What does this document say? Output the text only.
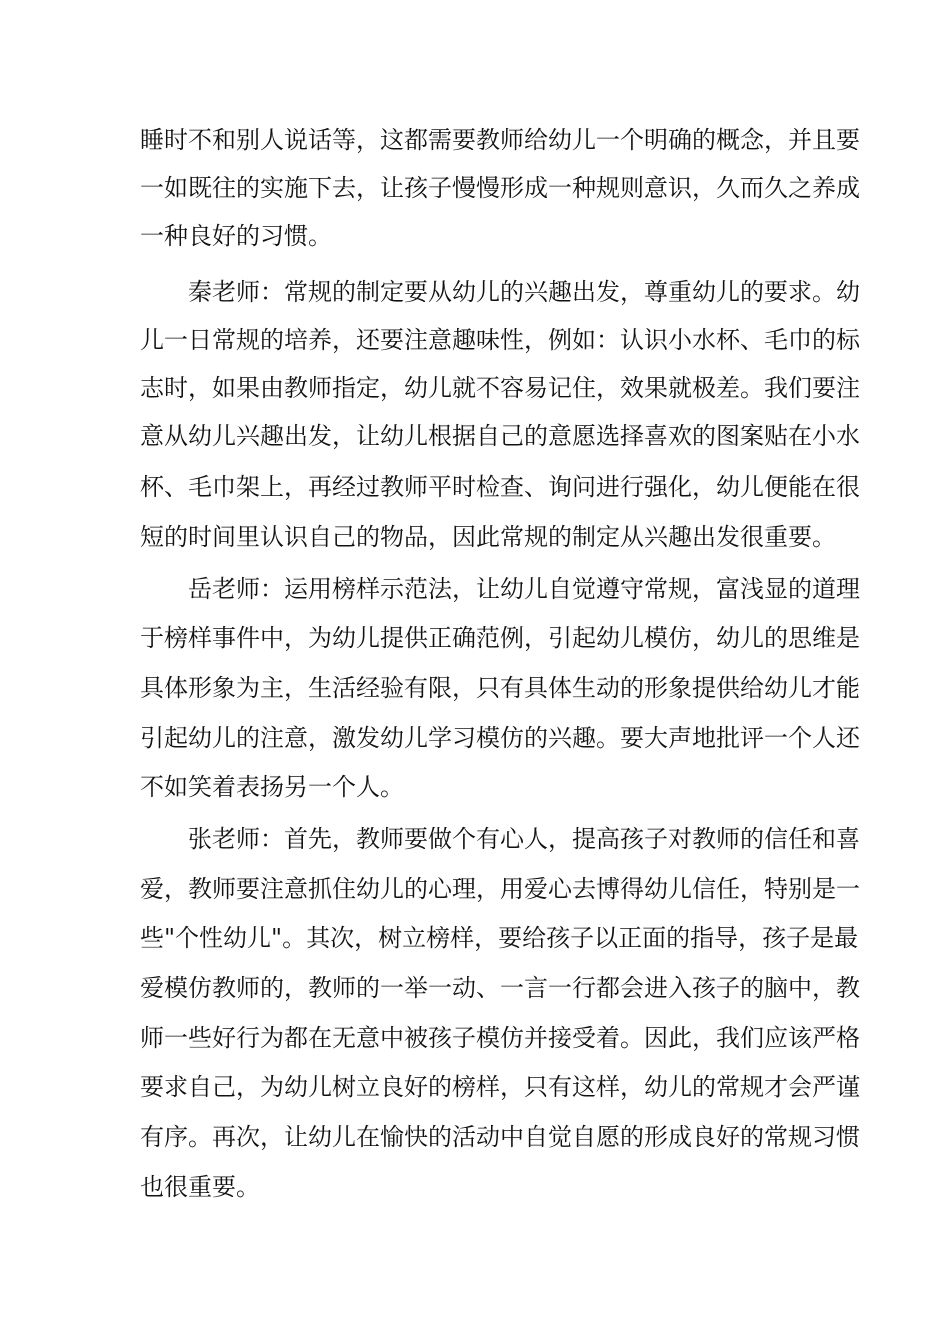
睡时不和别人说话等，这都需要教师给幼儿一个明确的概念，并且要
一如既往的实施下去，让孩子慢慢形成一种规则意识，久而久之养成
一种良好的习惯。
秦老师：常规的制定要从幼儿的兴趣出发，尊重幼儿的要求。幼
儿一日常规的培养，还要注意趣味性，例如：认识小水杯、毛巾的标
志时，如果由教师指定，幼儿就不容易记住，效果就极差。我们要注
意从幼儿兴趣出发，让幼儿根据自己的意愿选择喜欢的图案贴在小水
杯、毛巾架上，再经过教师平时检查、询问进行强化，幼儿便能在很
短的时间里认识自己的物品，因此常规的制定从兴趣出发很重要。
岳老师：运用榜样示范法，让幼儿自觉遵守常规，富浅显的道理
于榜样事件中，为幼儿提供正确范例，引起幼儿模仿，幼儿的思维是
具体形象为主，生活经验有限，只有具体生动的形象提供给幼儿才能
引起幼儿的注意，激发幼儿学习模仿的兴趣。要大声地批评一个人还
不如笑着表扬另一个人。
张老师：首先，教师要做个有心人，提高孩子对教师的信任和喜
爱，教师要注意抓住幼儿的心理，用爱心去博得幼儿信任，特别是一
些"个性幼儿"。其次，树立榜样，要给孩子以正面的指导，孩子是最
爱模仿教师的，教师的一举一动、一言一行都会进入孩子的脑中，教
师一些好行为都在无意中被孩子模仿并接受着。因此，我们应该严格
要求自己，为幼儿树立良好的榜样，只有这样，幼儿的常规才会严谨
有序。再次，让幼儿在愉快的活动中自觉自愿的形成良好的常规习惯
也很重要。
